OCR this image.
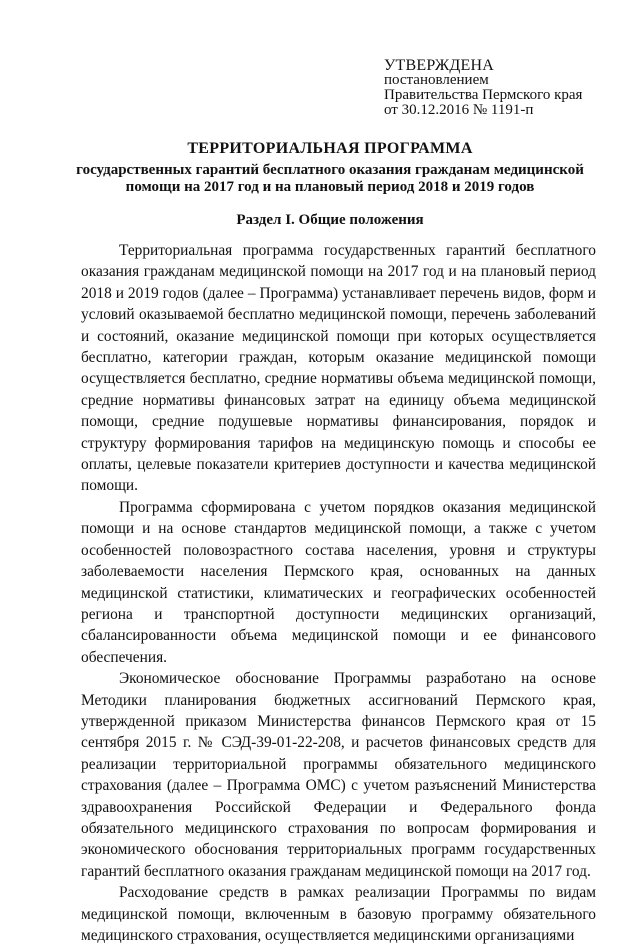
УТВЕРЖДЕНА
постановлением
Правительства Пермского края
от 30.12.2016 № 1191-п
ТЕРРИТОРИАЛЬНАЯ ПРОГРАММА
государственных гарантий бесплатного оказания гражданам медицинской помощи на 2017 год и на плановый период 2018 и 2019 годов
Раздел I. Общие положения

Территориальная программа государственных гарантий бесплатного оказания гражданам медицинской помощи на 2017 год и на плановый период 2018 и 2019 годов (далее – Программа) устанавливает перечень видов, форм и условий оказываемой бесплатно медицинской помощи, перечень заболеваний и состояний, оказание медицинской помощи при которых осуществляется бесплатно, категории граждан, которым оказание медицинской помощи осуществляется бесплатно, средние нормативы объема медицинской помощи, средние нормативы финансовых затрат на единицу объема медицинской помощи, средние подушевые нормативы финансирования, порядок и структуру формирования тарифов на медицинскую помощь и способы ее оплаты, целевые показатели критериев доступности и качества медицинской помощи.

Программа сформирована с учетом порядков оказания медицинской помощи и на основе стандартов медицинской помощи, а также с учетом особенностей половозрастного состава населения, уровня и структуры заболеваемости населения Пермского края, основанных на данных медицинской статистики, климатических и географических особенностей региона и транспортной доступности медицинских организаций, сбалансированности объема медицинской помощи и ее финансового обеспечения.

Экономическое обоснование Программы разработано на основе Методики планирования бюджетных ассигнований Пермского края, утвержденной приказом Министерства финансов Пермского края от 15 сентября 2015 г. № СЭД-39-01-22-208, и расчетов финансовых средств для реализации территориальной программы обязательного медицинского страхования (далее – Программа ОМС) с учетом разъяснений Министерства здравоохранения Российской Федерации и Федерального фонда обязательного медицинского страхования по вопросам формирования и экономического обоснования территориальных программ государственных гарантий бесплатного оказания гражданам медицинской помощи на 2017 год.

Расходование средств в рамках реализации Программы по видам медицинской помощи, включенным в базовую программу обязательного медицинского страхования, осуществляется медицинскими организациями
